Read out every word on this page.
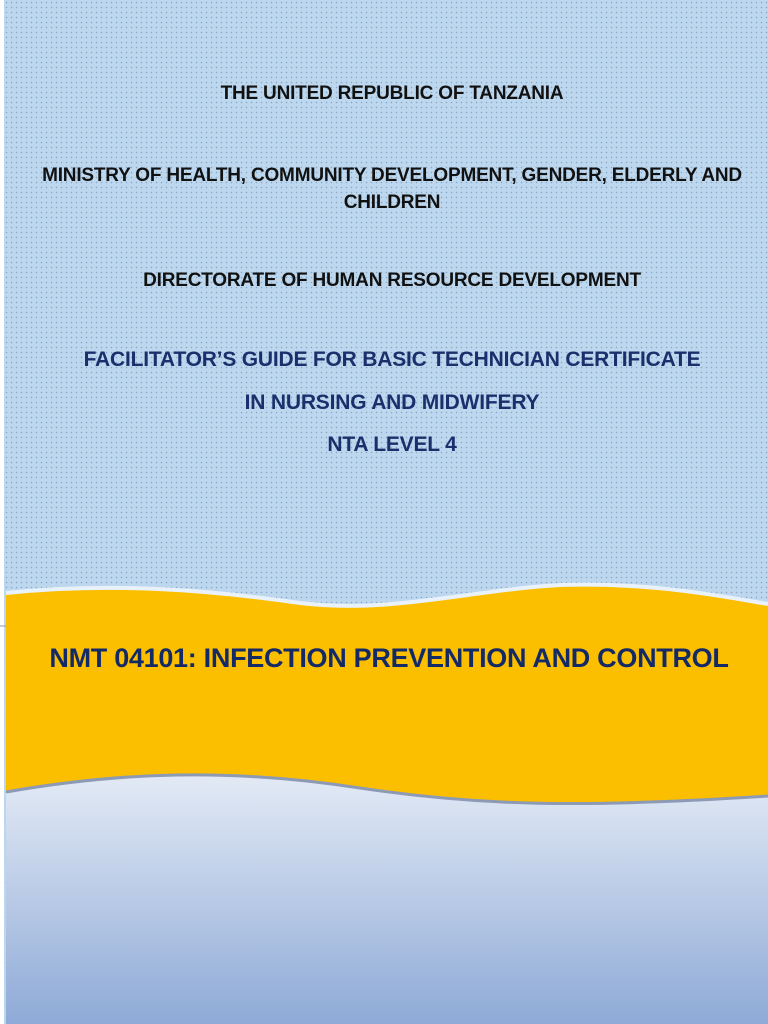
THE UNITED REPUBLIC OF TANZANIA
MINISTRY OF HEALTH, COMMUNITY DEVELOPMENT, GENDER, ELDERLY AND
CHILDREN
DIRECTORATE OF HUMAN RESOURCE DEVELOPMENT
FACILITATOR’S GUIDE FOR BASIC TECHNICIAN CERTIFICATE
IN NURSING AND MIDWIFERY
NTA LEVEL 4
NMT 04101: INFECTION PREVENTION AND CONTROL
